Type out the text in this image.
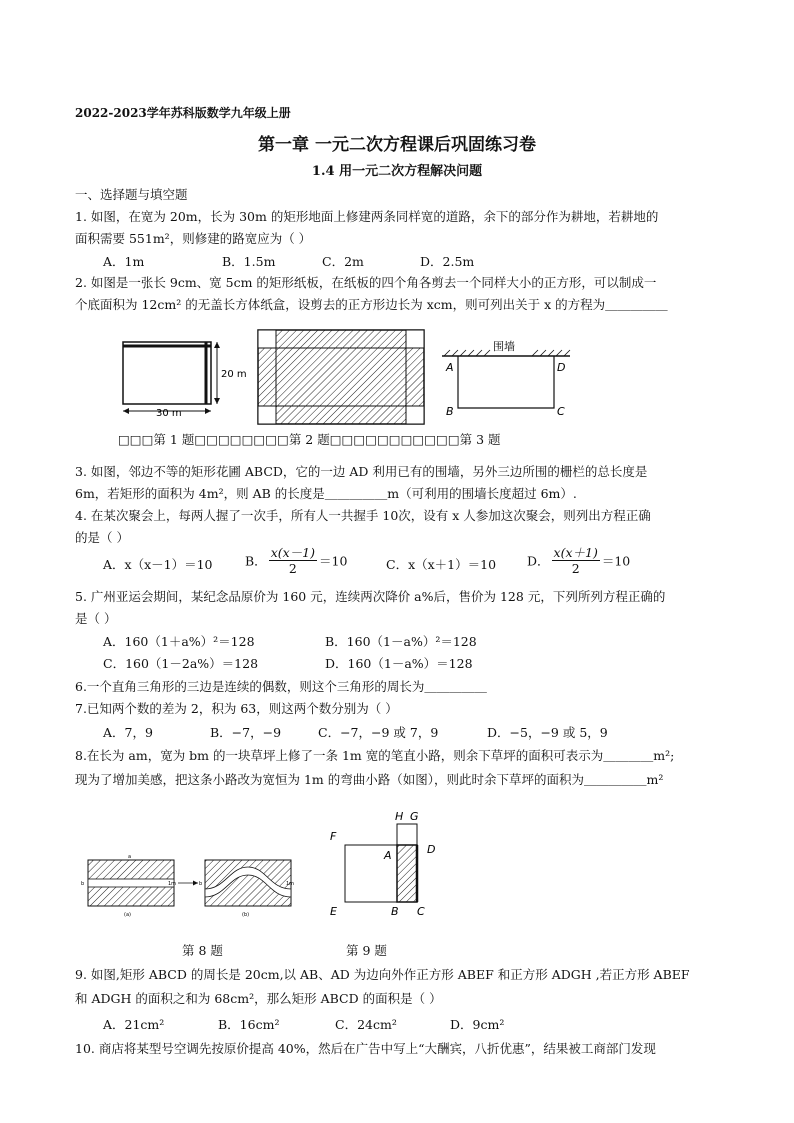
2022-2023学年苏科版数学九年级上册
第一章 一元二次方程课后巩固练习卷
1.4 用一元二次方程解决问题
一、选择题与填空题
1. 如图，在宽为 20m，长为 30m 的矩形地面上修建两条同样宽的道路，余下的部分作为耕地，若耕地的
面积需要 551m²，则修建的路宽应为（ ）
A．1m	B．1.5m	C．2m	D．2.5m
2. 如图是一张长 9cm、宽 5cm 的矩形纸板，在纸板的四个角各剪去一个同样大小的正方形，可以制成一
个底面积为 12cm² 的无盖长方体纸盒，设剪去的正方形边长为 xcm，则可列出关于 x 的方程为＿＿＿＿＿
20 m
30 m
围墙
A	D
B	C
□□□第 1 题□□□□□□□□第 2 题□□□□□□□□□□□第 3 题
3. 如图，邻边不等的矩形花圃 ABCD，它的一边 AD 利用已有的围墙，另外三边所围的栅栏的总长度是
6m，若矩形的面积为 4m²，则 AB 的长度是＿＿＿＿＿m（可利用的围墙长度超过 6m）.
4. 在某次聚会上，每两人握了一次手，所有人一共握手 10次，设有 x 人参加这次聚会，则列出方程正确
的是（ ）
A．x（x－1）＝10	B． $\frac{x(x-1)}{2} =10$	C．x（x＋1）＝10 D． $\frac{x(x+1)}{2} =10$
5. 广州亚运会期间，某纪念品原价为 160 元，连续两次降价 a%后，售价为 128 元，下列所列方程正确的
是（ ）
A．160（1＋a%）²＝128	B．160（1－a%）²＝128
C．160（1－2a%）＝128	D．160（1－a%）＝128
6.一个直角三角形的三边是连续的偶数，则这个三角形的周长为＿＿＿＿＿
7.已知两个数的差为 2，积为 63，则这两个数分别为（ ）
A．7，9	B．−7，−9	C．−7，−9 或 7，9	D．−5，−9 或 5，9
8.在长为 am，宽为 bm 的一块草坪上修了一条 1m 宽的笔直小路，则余下草坪的面积可表示为＿＿＿＿m²;
现为了增加美感，把这条小路改为宽恒为 1m 的弯曲小路（如图），则此时余下草坪的面积为＿＿＿＿＿m²
a
b	1m
(a)
b	1m
(b)
H G
F
D
A
E	B C
第 8 题	第 9 题
9. 如图,矩形 ABCD 的周长是 20cm,以 AB、AD 为边向外作正方形 ABEF 和正方形 ADGH ,若正方形 ABEF
和 ADGH 的面积之和为 68cm²，那么矩形 ABCD 的面积是（ ）
A．21cm²	B．16cm²	C．24cm²	D．9cm²
10. 商店将某型号空调先按原价提高 40%，然后在广告中写上“大酬宾，八折优惠”，结果被工商部门发现
